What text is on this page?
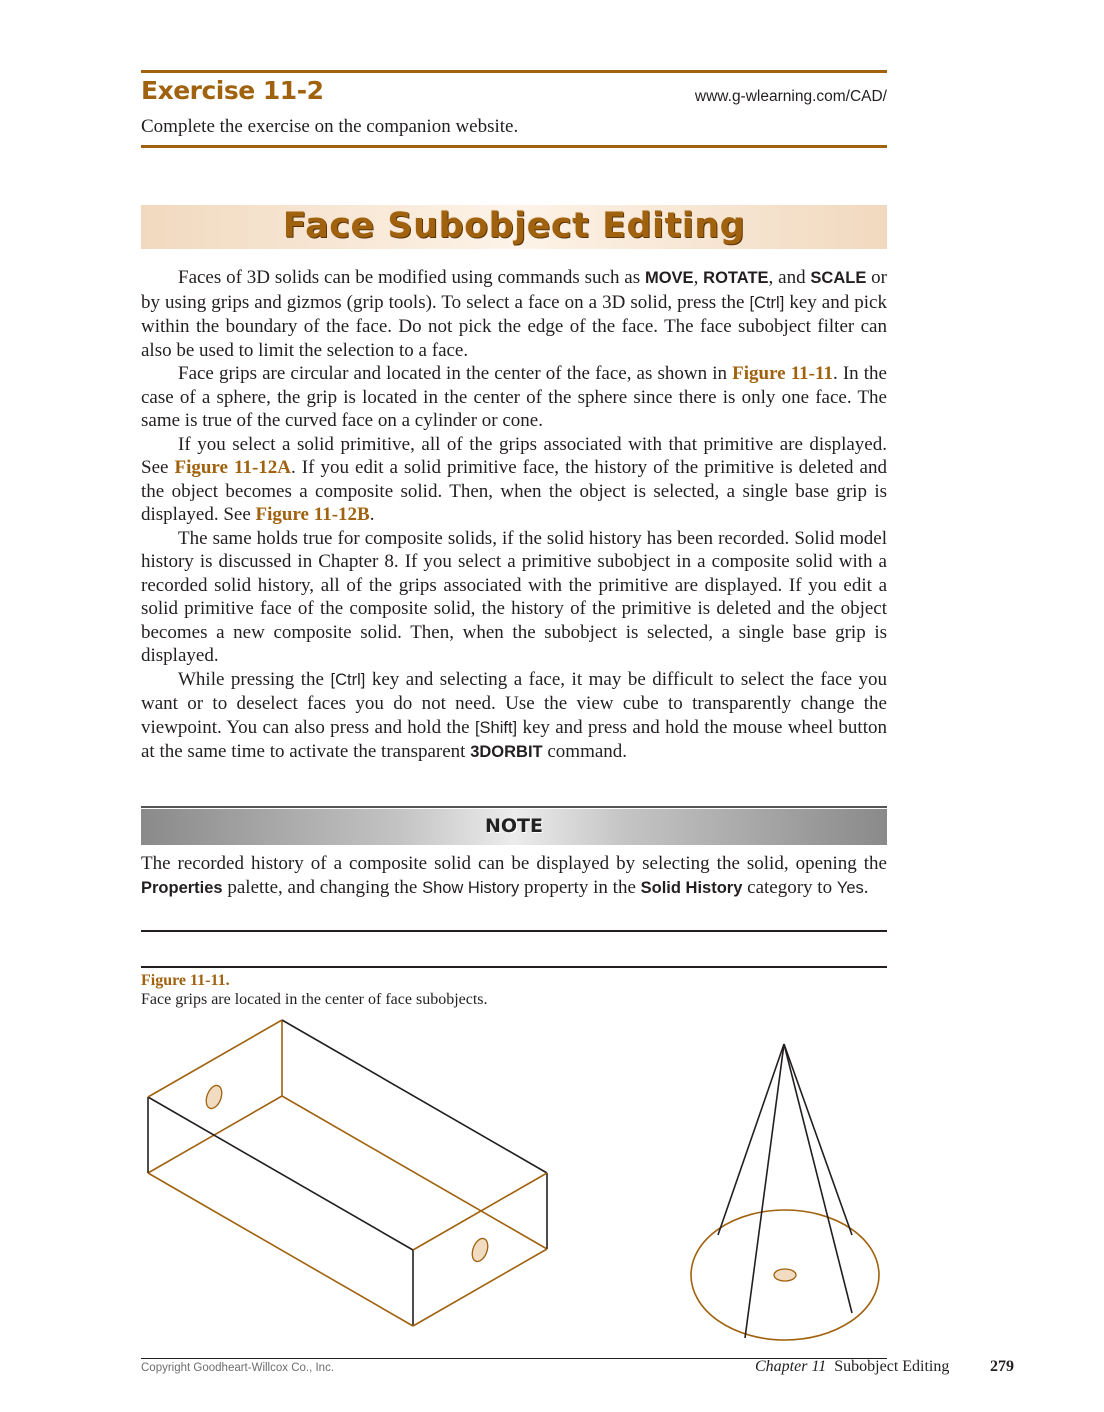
Exercise 11-2	www.g-wlearning.com/CAD/
Complete the exercise on the companion website.
Face Subobject Editing

Faces of 3D solids can be modified using commands such as MOVE, ROTATE, and SCALE or by using grips and gizmos (grip tools). To select a face on a 3D solid, press the [Ctrl] key and pick within the boundary of the face. Do not pick the edge of the face. The face subobject filter can also be used to limit the selection to a face.

Face grips are circular and located in the center of the face, as shown in Figure 11-11. In the case of a sphere, the grip is located in the center of the sphere since there is only one face. The same is true of the curved face on a cylinder or cone.

If you select a solid primitive, all of the grips associated with that primitive are displayed. See Figure 11-12A. If you edit a solid primitive face, the history of the primitive is deleted and the object becomes a composite solid. Then, when the object is selected, a single base grip is displayed. See Figure 11-12B.

The same holds true for composite solids, if the solid history has been recorded. Solid model history is discussed in Chapter 8. If you select a primitive subobject in a composite solid with a recorded solid history, all of the grips associated with the primitive are displayed. If you edit a solid primitive face of the composite solid, the history of the primitive is deleted and the object becomes a new composite solid. Then, when the subobject is selected, a single base grip is displayed.

While pressing the [Ctrl] key and selecting a face, it may be difficult to select the face you want or to deselect faces you do not need. Use the view cube to transparently change the viewpoint. You can also press and hold the [Shift] key and press and hold the mouse wheel button at the same time to activate the transparent 3DORBIT command.

NOTE
The recorded history of a composite solid can be displayed by selecting the solid, opening the Properties palette, and changing the Show History property in the Solid History category to Yes.
Figure 11-11.
Face grips are located in the center of face subobjects.
Copyright Goodheart-Willcox Co., Inc.	Chapter 11 Subobject Editing	279
